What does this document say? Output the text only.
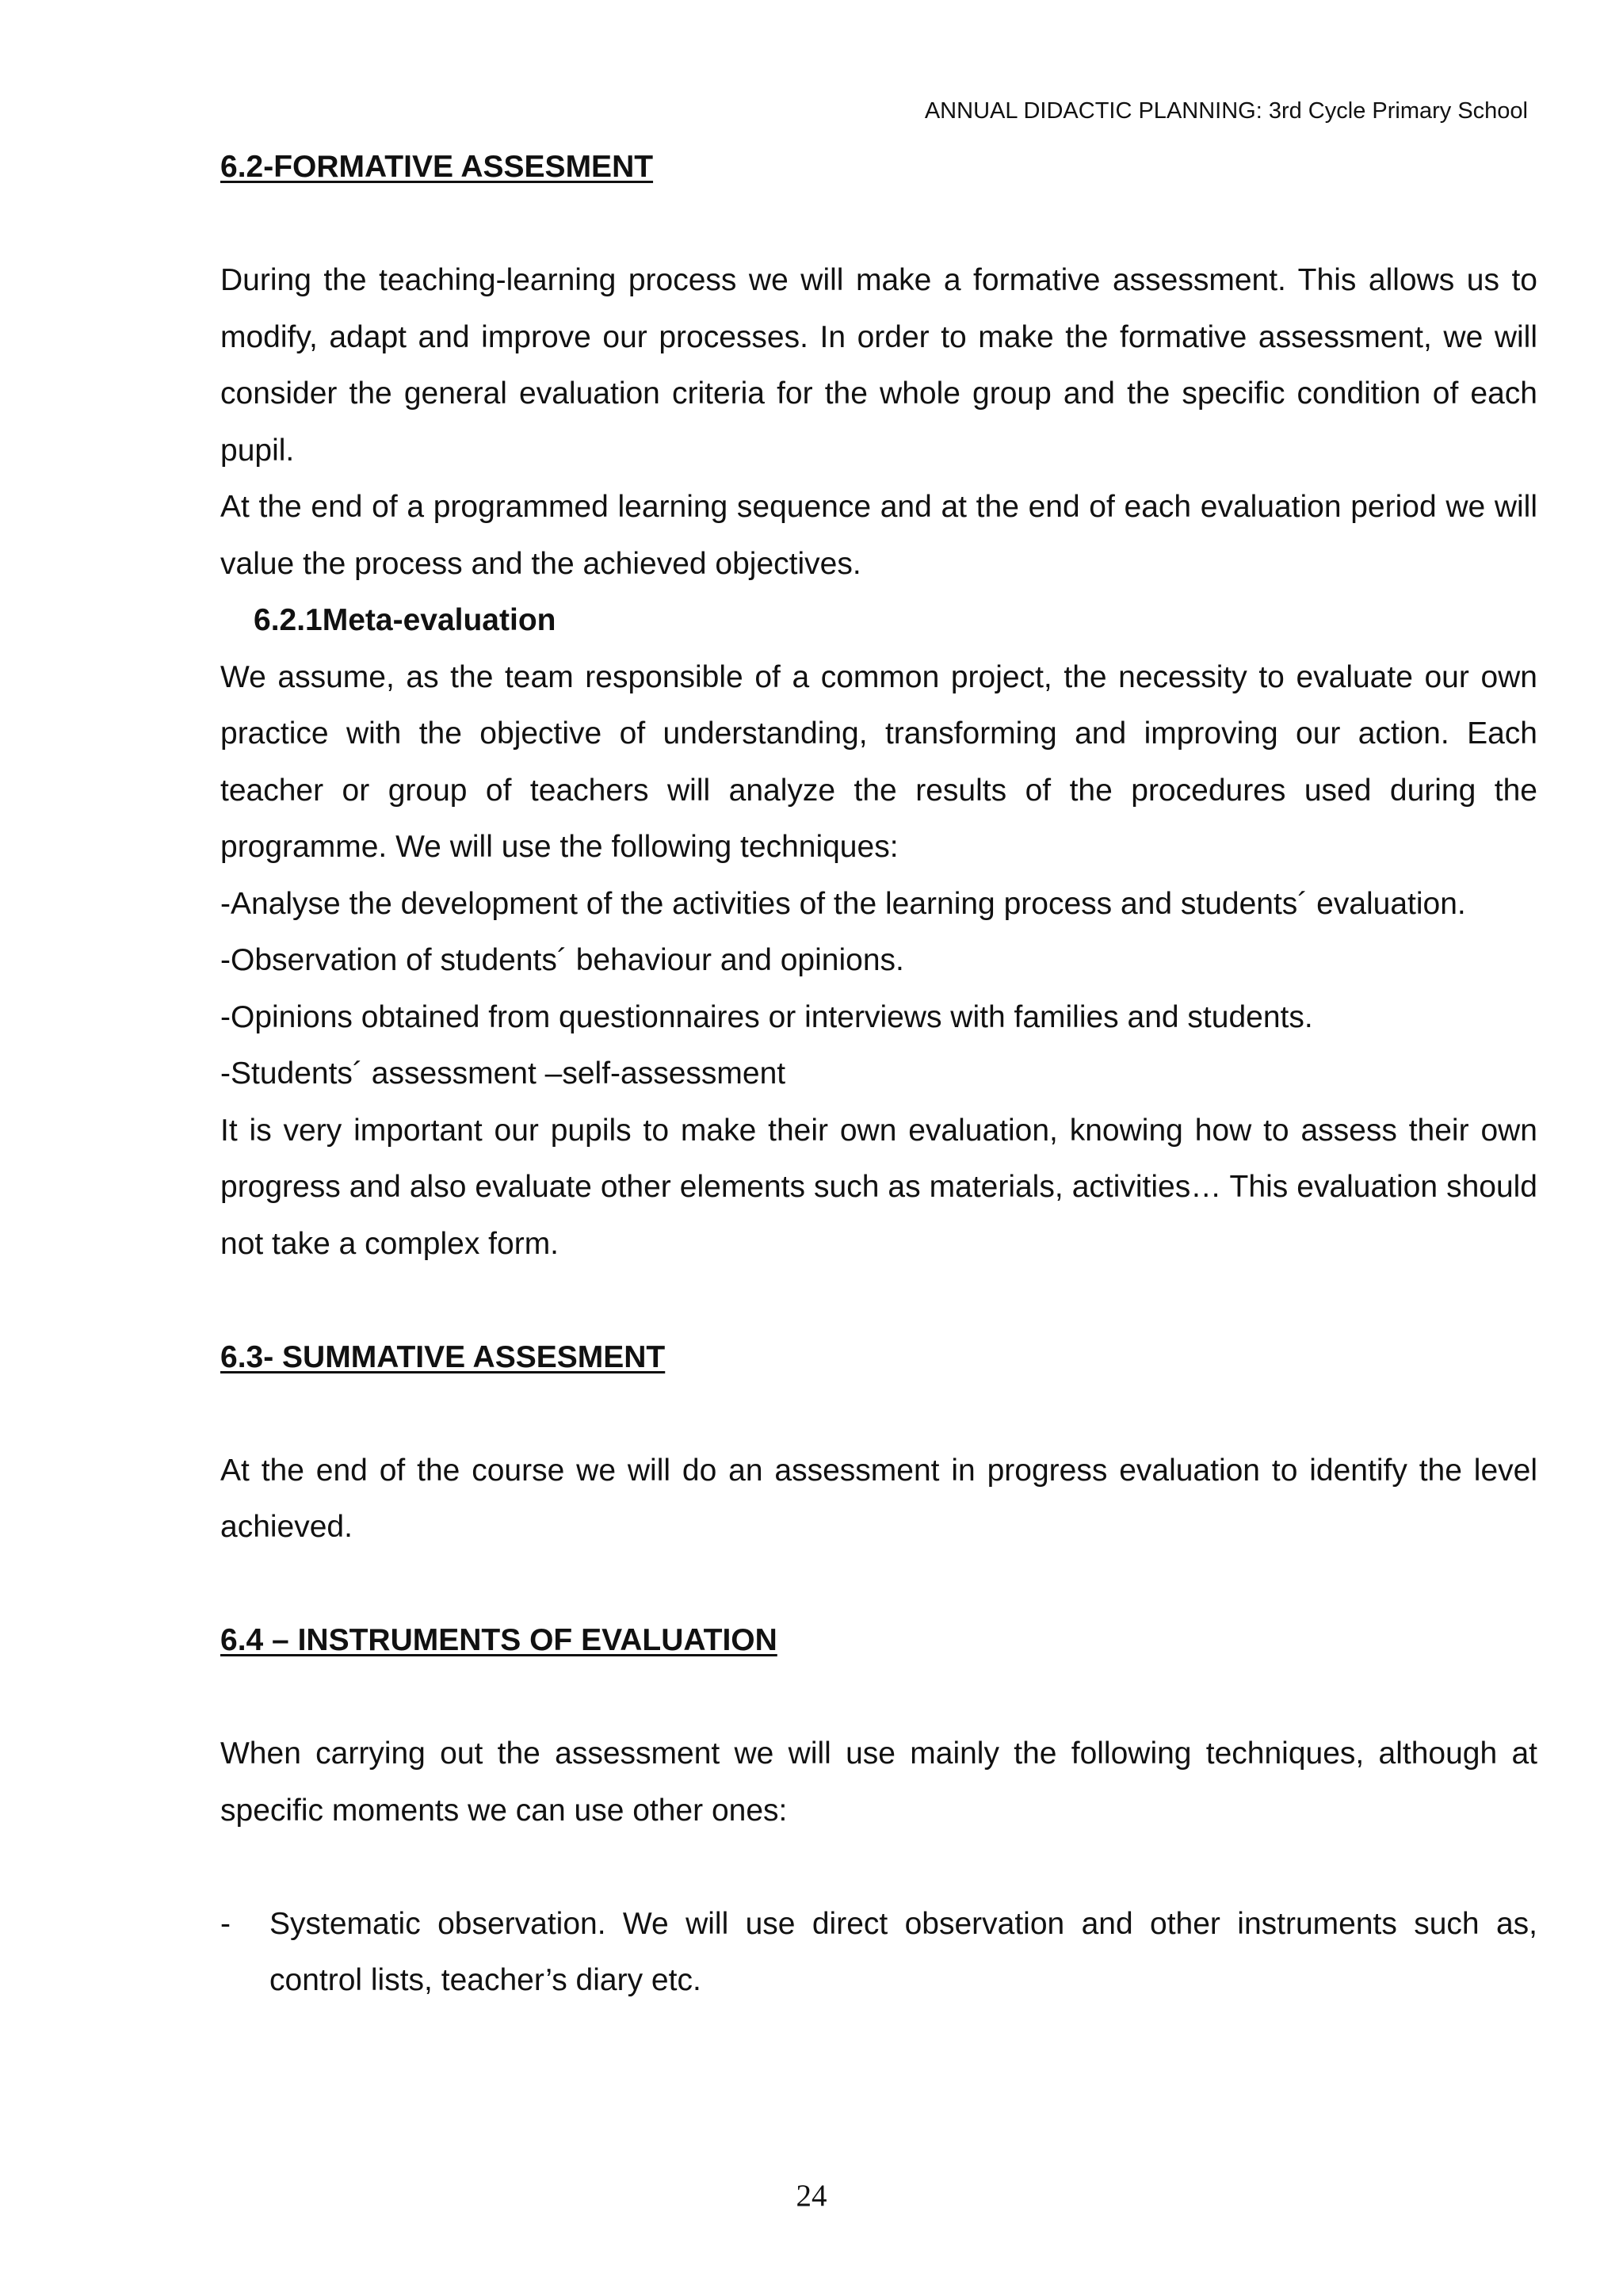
ANNUAL DIDACTIC PLANNING: 3rd Cycle Primary School

6.2-FORMATIVE ASSESMENT

During the teaching-learning process we will make a formative assessment. This allows us to modify, adapt and improve our processes. In order to make the formative assessment, we will consider the general evaluation criteria for the whole group and the specific condition of each pupil.

At the end of a programmed learning sequence and at the end of each evaluation period we will value the process and the achieved objectives.

6.2.1Meta-evaluation

We assume, as the team responsible of a common project, the necessity to evaluate our own practice with the objective of understanding, transforming and improving our action. Each teacher or group of teachers will analyze the results of the procedures used during the programme. We will use the following techniques:

-Analyse the development of the activities of the learning process and students´ evaluation.

-Observation of students´ behaviour and opinions.

-Opinions obtained from questionnaires or interviews with families and students.

-Students´ assessment –self-assessment

It is very important our pupils to make their own evaluation, knowing how to assess their own progress and also evaluate other elements such as materials, activities… This evaluation should not take a complex form.

6.3- SUMMATIVE ASSESMENT

At the end of the course we will do an assessment in progress evaluation to identify the level achieved.

6.4 – INSTRUMENTS OF EVALUATION

When carrying out the assessment we will use mainly the following techniques, although at specific moments we can use other ones:

-	Systematic observation. We will use direct observation and other instruments such as, control lists, teacher’s diary etc.
24
